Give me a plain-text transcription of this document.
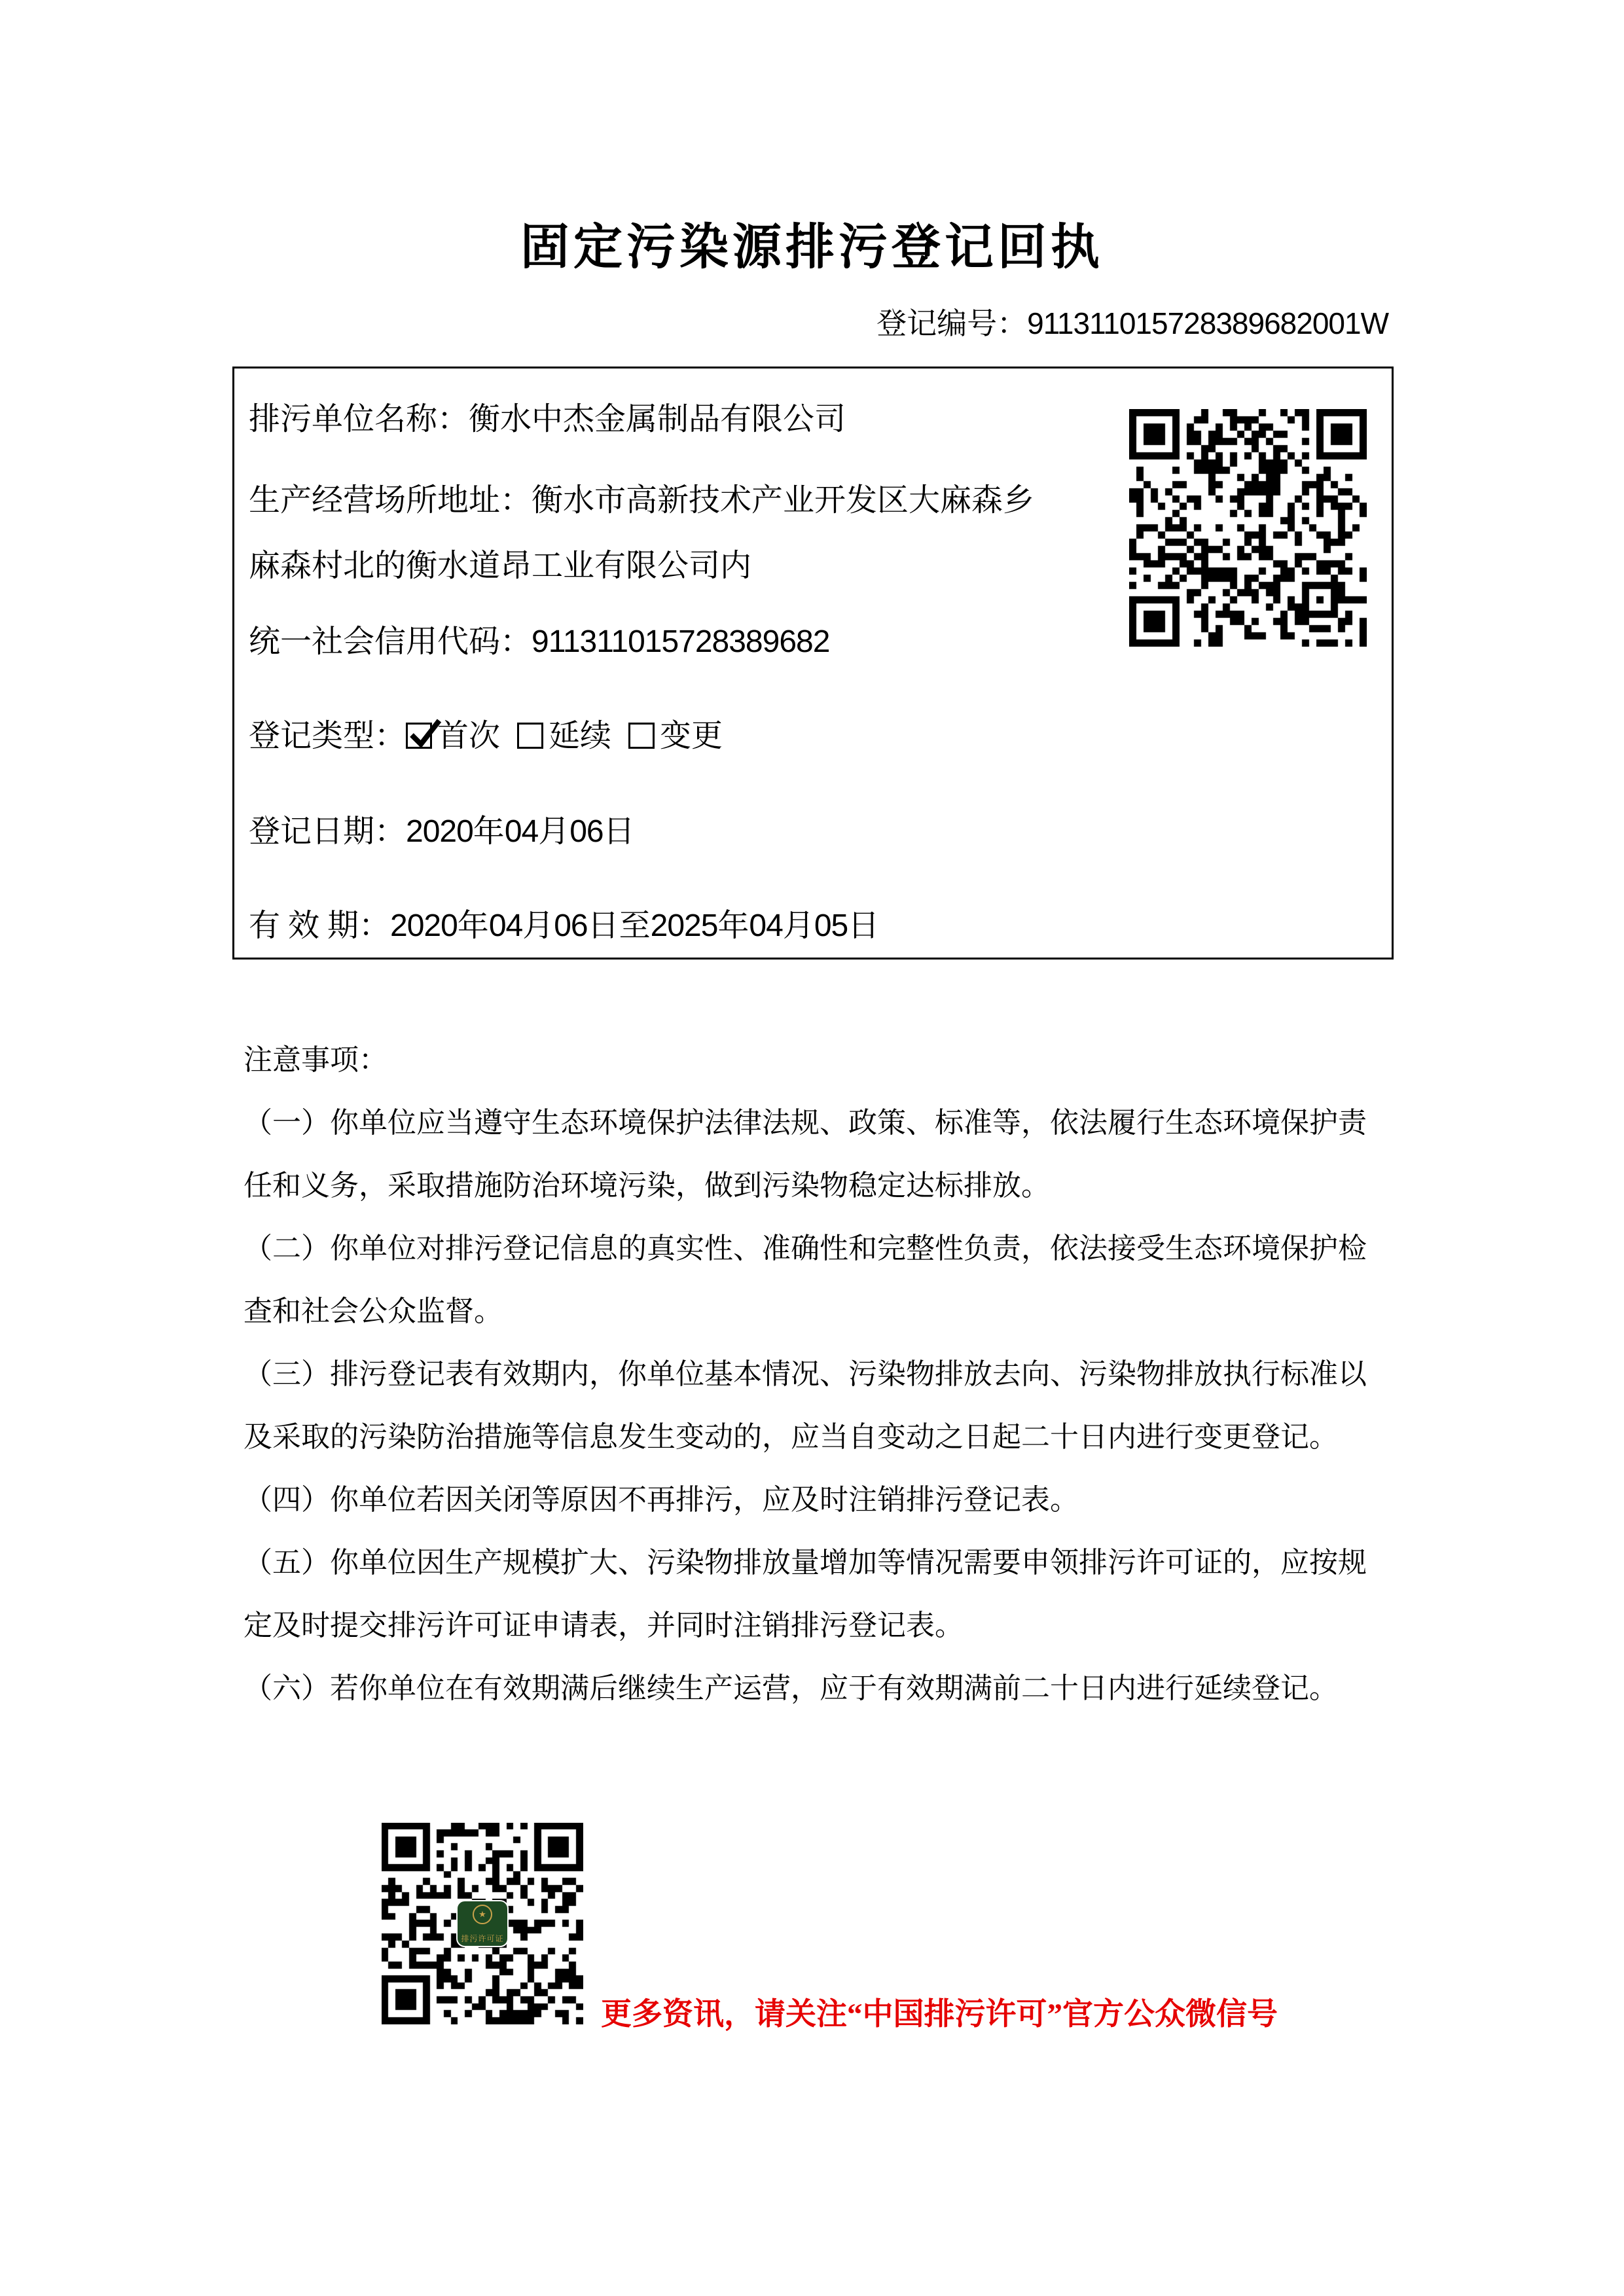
固定污染源排污登记回执
登记编号：911311015728389682001W
排污单位名称：衡水中杰金属制品有限公司
生产经营场所地址：衡水市高新技术产业开发区大麻森乡
麻森村北的衡水道昂工业有限公司内
统一社会信用代码：911311015728389682
登记类型： 首次 延续 变更
登记日期：2020年04月06日
有 效 期：2020年04月06日至2025年04月05日
注意事项：
（一）你单位应当遵守生态环境保护法律法规、政策、标准等，依法履行生态环境保护责
任和义务，采取措施防治环境污染，做到污染物稳定达标排放。
（二）你单位对排污登记信息的真实性、准确性和完整性负责，依法接受生态环境保护检
查和社会公众监督。
（三）排污登记表有效期内，你单位基本情况、污染物排放去向、污染物排放执行标准以
及采取的污染防治措施等信息发生变动的，应当自变动之日起二十日内进行变更登记。
（四）你单位若因关闭等原因不再排污，应及时注销排污登记表。
（五）你单位因生产规模扩大、污染物排放量增加等情况需要申领排污许可证的，应按规
定及时提交排污许可证申请表，并同时注销排污登记表。
（六）若你单位在有效期满后继续生产运营，应于有效期满前二十日内进行延续登记。
★
排污许可证
更多资讯，请关注“中国排污许可”官方公众微信号
